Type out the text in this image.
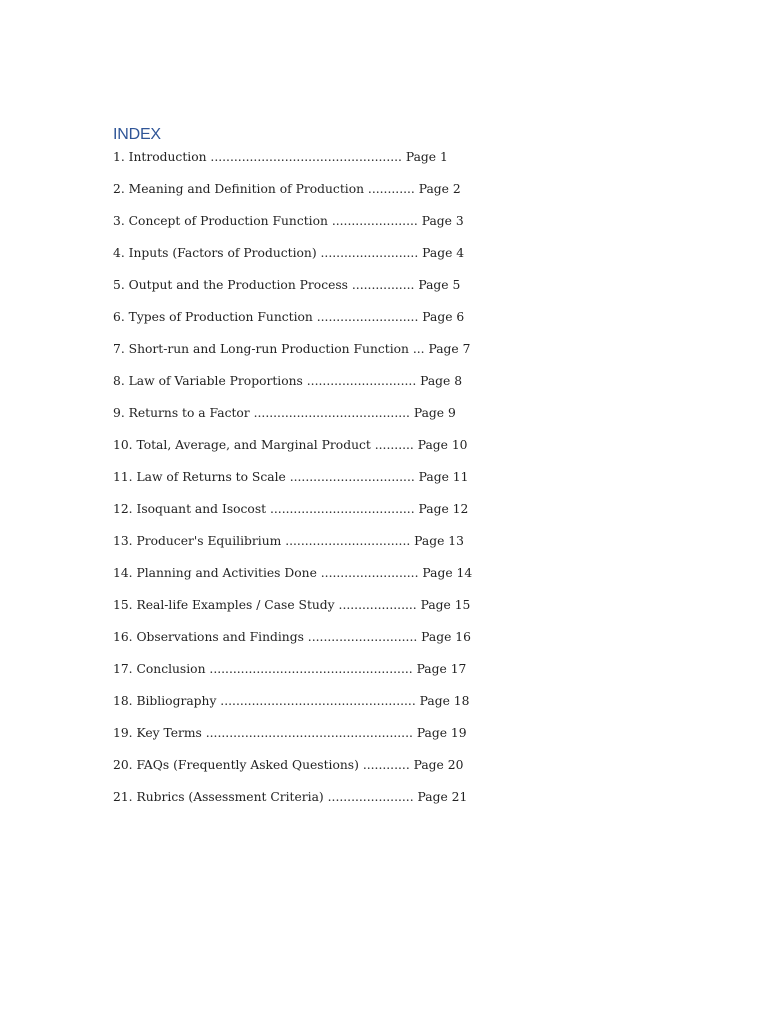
INDEX
1. Introduction ................................................. Page 1
2. Meaning and Definition of Production ............ Page 2
3. Concept of Production Function ...................... Page 3
4. Inputs (Factors of Production) ......................... Page 4
5. Output and the Production Process ................ Page 5
6. Types of Production Function .......................... Page 6
7. Short-run and Long-run Production Function ... Page 7
8. Law of Variable Proportions ............................ Page 8
9. Returns to a Factor ........................................ Page 9
10. Total, Average, and Marginal Product .......... Page 10
11. Law of Returns to Scale ................................ Page 11
12. Isoquant and Isocost ..................................... Page 12
13. Producer's Equilibrium ................................ Page 13
14. Planning and Activities Done ......................... Page 14
15. Real-life Examples / Case Study .................... Page 15
16. Observations and Findings ............................ Page 16
17. Conclusion .................................................... Page 17
18. Bibliography .................................................. Page 18
19. Key Terms ..................................................... Page 19
20. FAQs (Frequently Asked Questions) ............ Page 20
21. Rubrics (Assessment Criteria) ...................... Page 21
